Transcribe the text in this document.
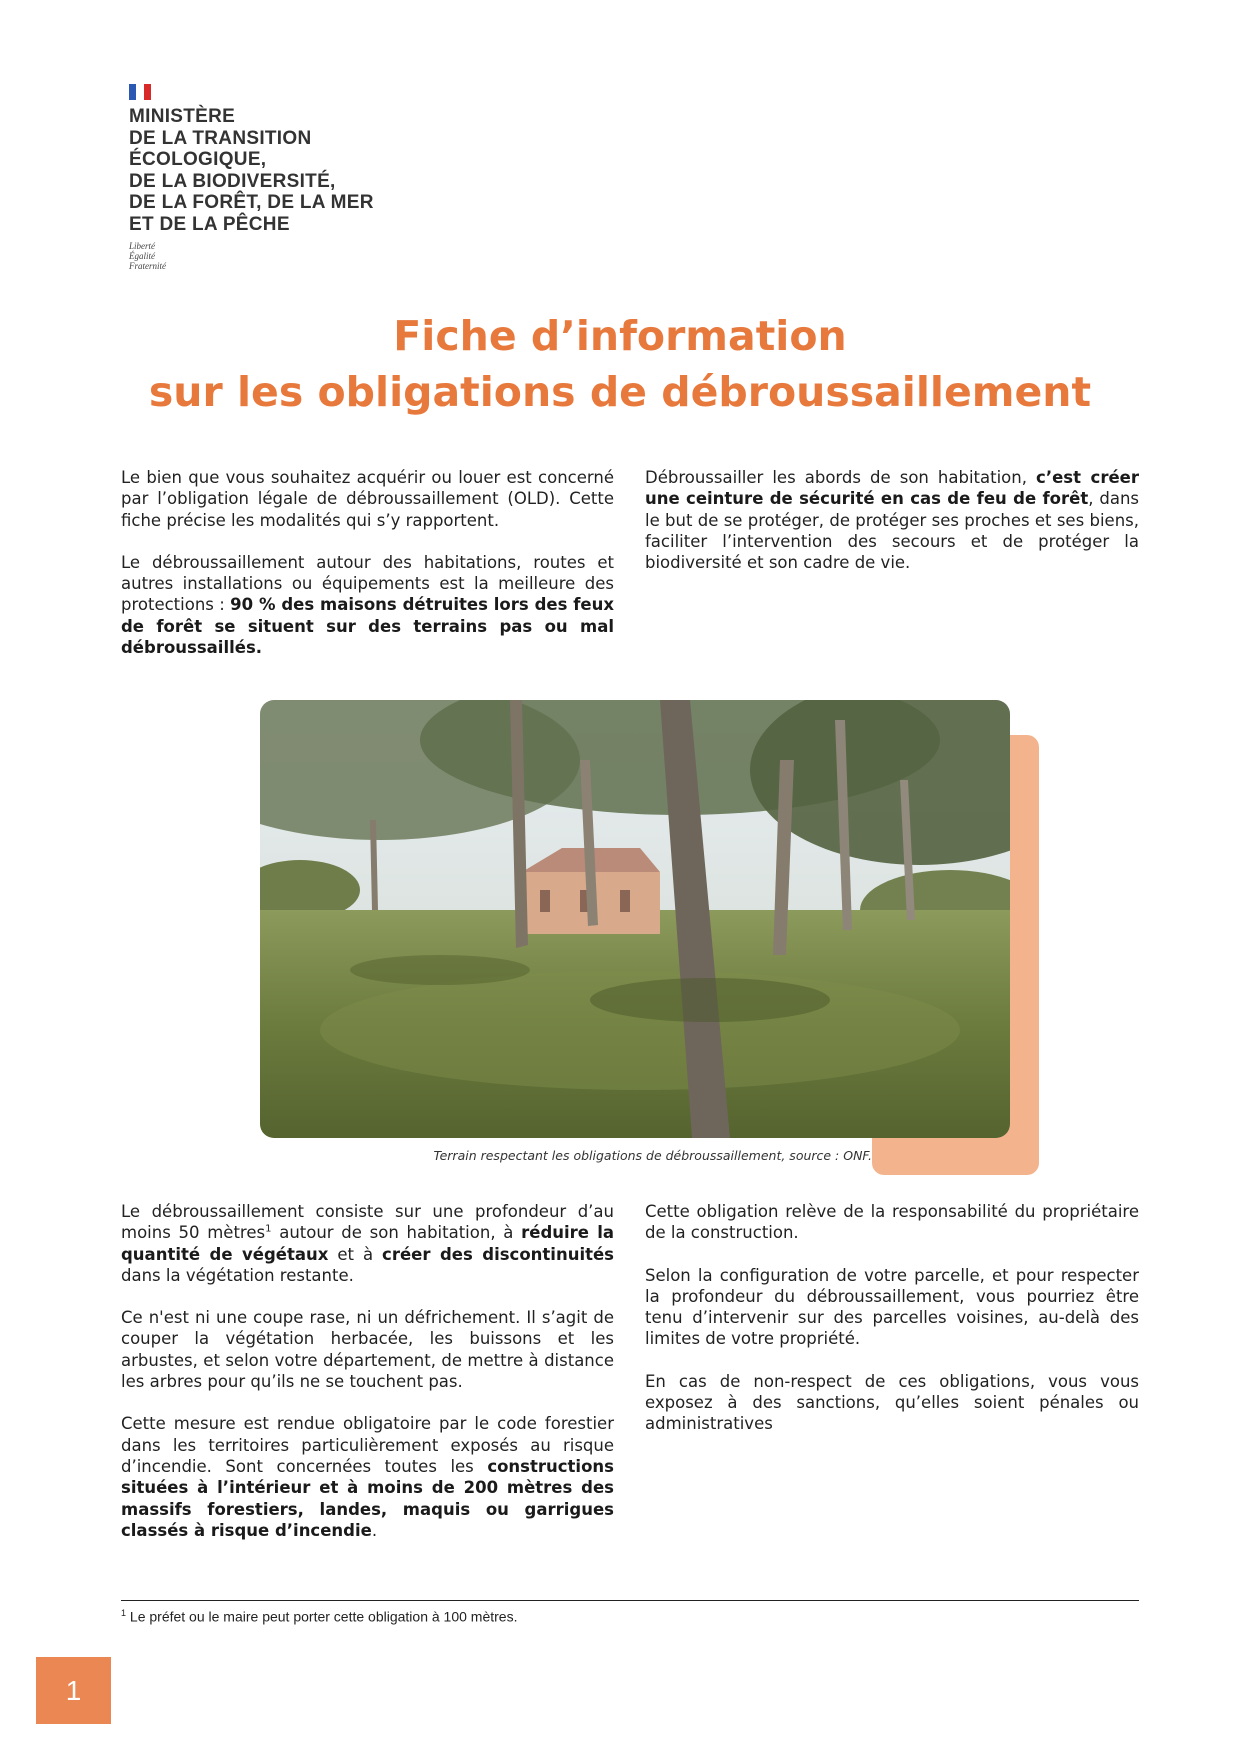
MINISTÈRE
DE LA TRANSITION
ÉCOLOGIQUE,
DE LA BIODIVERSITÉ,
DE LA FORÊT, DE LA MER
ET DE LA PÊCHE
Liberté
Égalité
Fraternité
Fiche d’information
sur les obligations de débroussaillement

Le bien que vous souhaitez acquérir ou louer est concerné par l’obligation légale de débroussaillement (OLD). Cette fiche précise les modalités qui s’y rapportent.

Le débroussaillement autour des habitations, routes et autres installations ou équipements est la meilleure des protections : 90 % des maisons détruites lors des feux de forêt se situent sur des terrains pas ou mal débroussaillés.

Débroussailler les abords de son habitation, c’est créer une ceinture de sécurité en cas de feu de forêt, dans le but de se protéger, de protéger ses proches et ses biens, faciliter l’intervention des secours et de protéger la biodiversité et son cadre de vie.

Terrain respectant les obligations de débroussaillement, source : ONF.

Le débroussaillement consiste sur une profondeur d’au moins 50 mètres$^1$ autour de son habitation, à réduire la quantité de végétaux et à créer des discontinuités dans la végétation restante.

Ce n'est ni une coupe rase, ni un défrichement. Il s’agit de couper la végétation herbacée, les buissons et les arbustes, et selon votre département, de mettre à distance les arbres pour qu’ils ne se touchent pas.

Cette mesure est rendue obligatoire par le code forestier dans les territoires particulièrement exposés au risque d’incendie. Sont concernées toutes les constructions situées à l’intérieur et à moins de 200 mètres des massifs forestiers, landes, maquis ou garrigues classés à risque d’incendie.

Cette obligation relève de la responsabilité du propriétaire de la construction.

Selon la configuration de votre parcelle, et pour respecter la profondeur du débroussaillement, vous pourriez être tenu d’intervenir sur des parcelles voisines, au-delà des limites de votre propriété.

En cas de non-respect de ces obligations, vous vous exposez à des sanctions, qu’elles soient pénales ou administratives

$^1$ Le préfet ou le maire peut porter cette obligation à 100 mètres.
1
